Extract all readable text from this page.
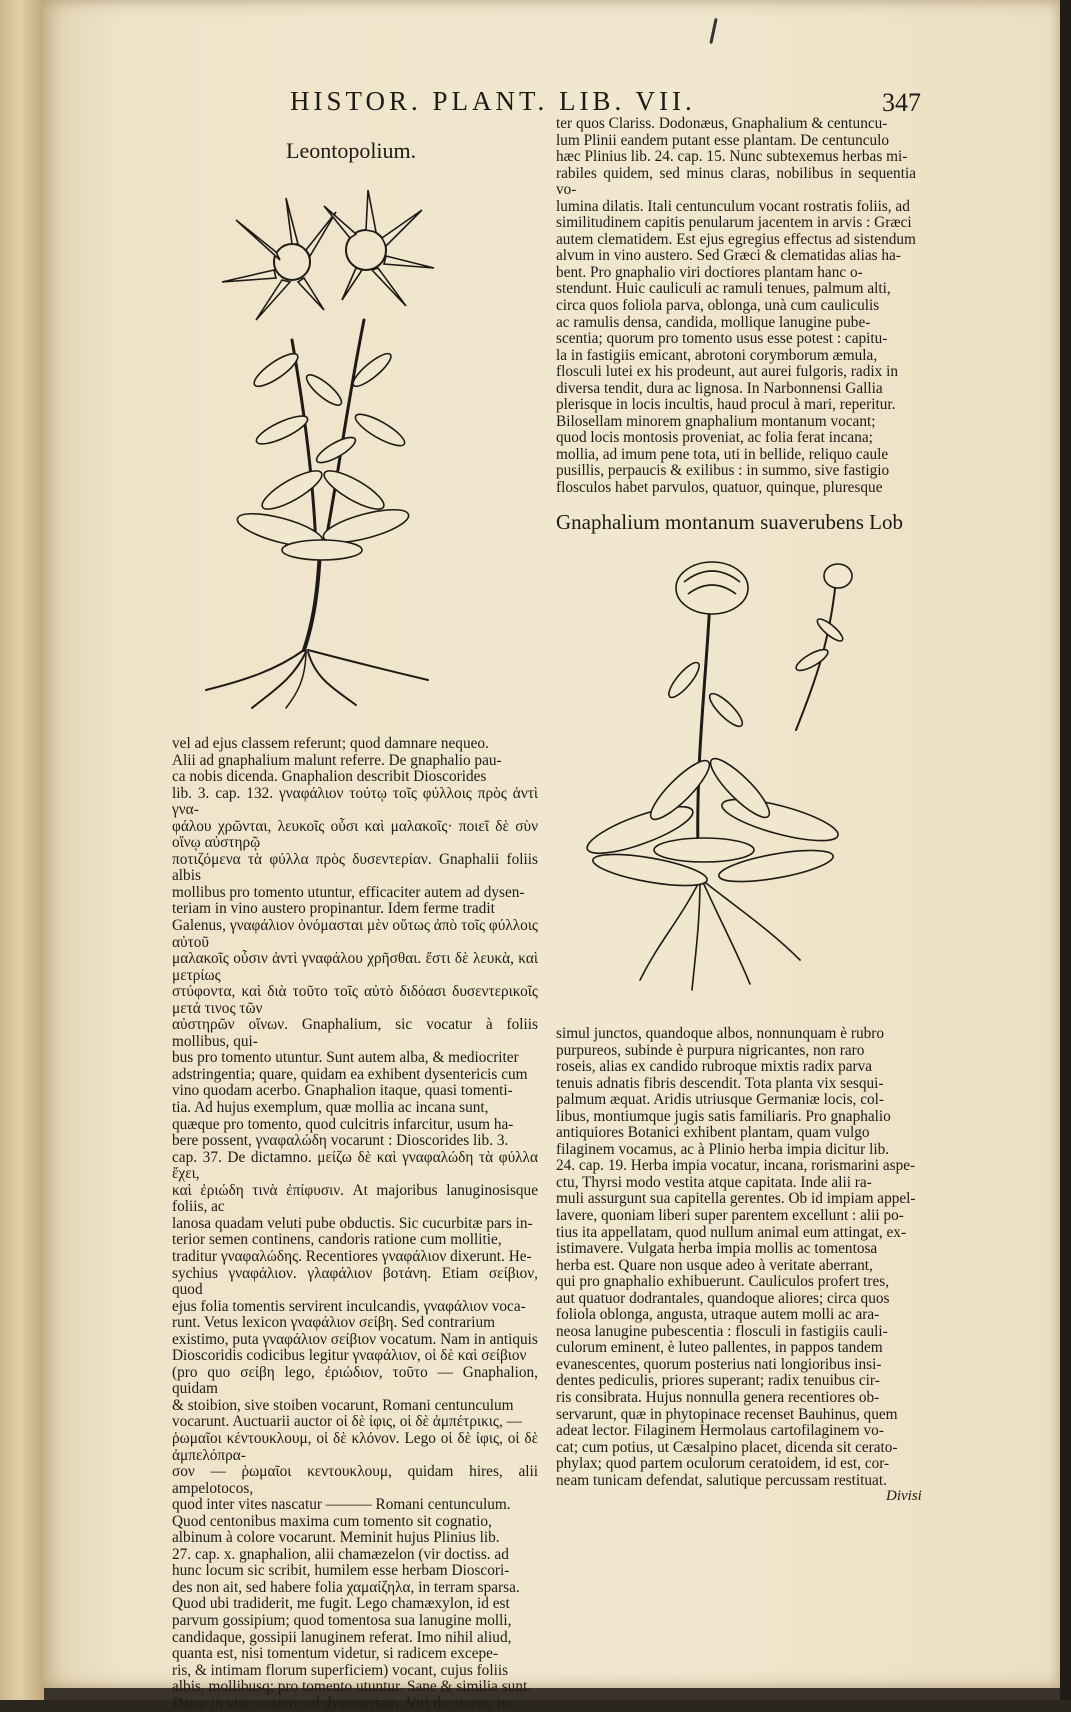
HISTOR. PLANT. LIB. VII.	347
Leontopolium.
Gnaphalium montanum suaverubens Lob

ter quos Clariss. Dodonæus, Gnaphalium & centuncu-

lum Plinii eandem putant esse plantam. De centunculo

hæc Plinius lib. 24. cap. 15. Nunc subtexemus herbas mi-

rabiles quidem, sed minus claras, nobilibus in sequentia vo-

lumina dilatis. Itali centunculum vocant rostratis foliis, ad

similitudinem capitis penularum jacentem in arvis : Græci

autem clematidem. Est ejus egregius effectus ad sistendum

alvum in vino austero. Sed Græci & clematidas alias ha-

bent. Pro gnaphalio viri doctiores plantam hanc o-

stendunt. Huic cauliculi ac ramuli tenues, palmum alti,

circa quos foliola parva, oblonga, unà cum cauliculis

ac ramulis densa, candida, mollique lanugine pube-

scentia; quorum pro tomento usus esse potest : capitu-

la in fastigiis emicant, abrotoni corymborum æmula,

flosculi lutei ex his prodeunt, aut aurei fulgoris, radix in

diversa tendit, dura ac lignosa. In Narbonnensi Gallia

plerisque in locis incultis, haud procul à mari, reperitur.

Bilosellam minorem gnaphalium montanum vocant;

quod locis montosis proveniat, ac folia ferat incana;

mollia, ad imum pene tota, uti in bellide, reliquo caule

pusillis, perpaucis & exilibus : in summo, sive fastigio

flosculos habet parvulos, quatuor, quinque, pluresque

vel ad ejus classem referunt; quod damnare nequeo.

Alii ad gnaphalium malunt referre. De gnaphalio pau-

ca nobis dicenda. Gnaphalion describit Dioscorides

lib. 3. cap. 132. γναφάλιον τούτῳ τοῖς φύλλοις πρὸς ἀντὶ γνα-

φάλου χρῶνται, λευκοῖς οὖσι καὶ μαλακοῖς· ποιεῖ δὲ σὺν οἴνῳ αὐστηρῷ

ποτιζόμενα τὰ φύλλα πρὸς δυσεντερίαν. Gnaphalii foliis albis

mollibus pro tomento utuntur, efficaciter autem ad dysen-

teriam in vino austero propinantur. Idem ferme tradit

Galenus, γναφάλιον ὀνόμασται μὲν οὕτως ἀπὸ τοῖς φύλλοις αὐτοῦ

μαλακοῖς οὖσιν ἀντὶ γναφάλου χρῆσθαι. ἔστι δὲ λευκὰ, καὶ μετρίως

στύφοντα, καὶ διὰ τοῦτο τοῖς αὐτὸ διδόασι δυσεντερικοῖς μετά τινος τῶν

αὐστηρῶν οἴνων. Gnaphalium, sic vocatur à foliis mollibus, qui-

bus pro tomento utuntur. Sunt autem alba, & mediocriter

adstringentia; quare, quidam ea exhibent dysentericis cum

vino quodam acerbo. Gnaphalion itaque, quasi tomenti-

tia. Ad hujus exemplum, quæ mollia ac incana sunt,

quæque pro tomento, quod culcitris infarcitur, usum ha-

bere possent, γναφαλώδη vocarunt : Dioscorides lib. 3.

cap. 37. De dictamno. μείζω δὲ καὶ γναφαλώδη τὰ φύλλα ἔχει,

καὶ ἐριώδη τινὰ ἐπίφυσιν. At majoribus lanuginosisque foliis, ac

lanosa quadam veluti pube obductis. Sic cucurbitæ pars in-

terior semen continens, candoris ratione cum mollitie,

traditur γναφαλώδης. Recentiores γναφάλιον dixerunt. He-

sychius γναφάλιον. γλαφάλιον βοτάνη. Etiam σείβιον, quod

ejus folia tomentis servirent inculcandis, γναφάλιον voca-

runt. Vetus lexicon γναφάλιον σείβη. Sed contrarium

existimo, puta γναφάλιον σείβιον vocatum. Nam in antiquis

Dioscoridis codicibus legitur γναφάλιον, οἱ δὲ καὶ σείβιον

(pro quo σείβη lego, ἐριώδιον, τοῦτο — Gnaphalion, quidam

& stoibion, sive stoiben vocarunt, Romani centunculum

vocarunt. Auctuarii auctor οἱ δὲ ἰφις, οἱ δὲ ἀμπέτρικις, —

ῥωμαῖοι κέντουκλουμ, οἱ δὲ κλόνον. Lego οἱ δὲ ἰφις, οἱ δὲ ἀμπελόπρα-

σον — ῥωμαῖοι κεντουκλουμ, quidam hires, alii ampelotocos,

quod inter vites nascatur ——— Romani centunculum.

Quod centonibus maxima cum tomento sit cognatio,

albinum à colore vocarunt. Meminit hujus Plinius lib.

27. cap. x. gnaphalion, alii chamæzelon (vir doctiss. ad

hunc locum sic scribit, humilem esse herbam Dioscori-

des non ait, sed habere folia χαμαίζηλα, in terram sparsa.

Quod ubi tradiderit, me fugit. Lego chamæxylon, id est

parvum gossipium; quod tomentosa sua lanugine molli,

candidaque, gossipii lanuginem referat. Imo nihil aliud,

quanta est, nisi tomentum videtur, si radicem excepe-

ris, & intimam florum superficiem) vocant, cujus foliis

albis, mollibusq; pro tomento utuntur. Sane & similia sunt.

Datur in vino austero ad dysenteriam. Viri doctiores, in-

simul junctos, quandoque albos, nonnunquam è rubro

purpureos, subinde è purpura nigricantes, non raro

roseis, alias ex candido rubroque mixtis radix parva

tenuis adnatis fibris descendit. Tota planta vix sesqui-

palmum æquat. Aridis utriusque Germaniæ locis, col-

libus, montiumque jugis satis familiaris. Pro gnaphalio

antiquiores Botanici exhibent plantam, quam vulgo

filaginem vocamus, ac à Plinio herba impia dicitur lib.

24. cap. 19. Herba impia vocatur, incana, rorismarini aspe-

ctu, Thyrsi modo vestita atque capitata. Inde alii ra-

muli assurgunt sua capitella gerentes. Ob id impiam appel-

lavere, quoniam liberi super parentem excellunt : alii po-

tius ita appellatam, quod nullum animal eum attingat, ex-

istimavere. Vulgata herba impia mollis ac tomentosa

herba est. Quare non usque adeo à veritate aberrant,

qui pro gnaphalio exhibuerunt. Cauliculos profert tres,

aut quatuor dodrantales, quandoque aliores; circa quos

foliola oblonga, angusta, utraque autem molli ac ara-

neosa lanugine pubescentia : flosculi in fastigiis cauli-

culorum eminent, è luteo pallentes, in pappos tandem

evanescentes, quorum posterius nati longioribus insi-

dentes pediculis, priores superant; radix tenuibus cir-

ris consibrata. Hujus nonnulla genera recentiores ob-

servarunt, quæ in phytopinace recenset Bauhinus, quem

adeat lector. Filaginem Hermolaus cartofilaginem vo-

cat; cum potius, ut Cæsalpino placet, dicenda sit cerato-

phylax; quod partem oculorum ceratoidem, id est, cor-

neam tunicam defendat, salutique percussam restituat.

Divisi
